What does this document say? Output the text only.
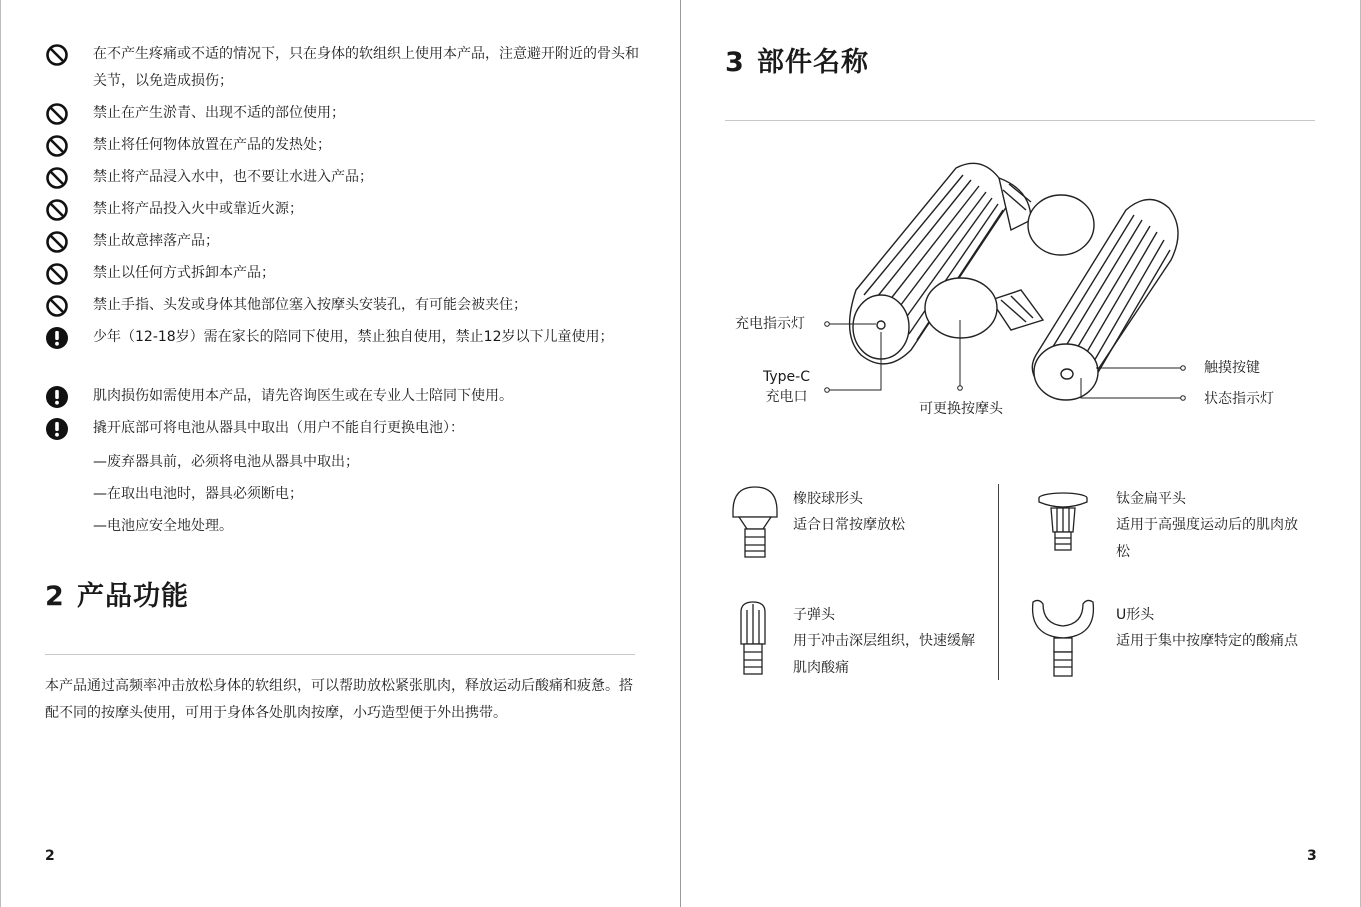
在不产生疼痛或不适的情况下，只在身体的软组织上使用本产品，注意避开附近的骨头和关节，以免造成损伤；
禁止在产生淤青、出现不适的部位使用；
禁止将任何物体放置在产品的发热处；
禁止将产品浸入水中，也不要让水进入产品；
禁止将产品投入火中或靠近火源；
禁止故意摔落产品；
禁止以任何方式拆卸本产品；
禁止手指、头发或身体其他部位塞入按摩头安装孔，有可能会被夹住；
少年（12-18岁）需在家长的陪同下使用，禁止独自使用，禁止12岁以下儿童使用；
肌肉损伤如需使用本产品，请先咨询医生或在专业人士陪同下使用。
撬开底部可将电池从器具中取出（用户不能自行更换电池）：
—废弃器具前，必须将电池从器具中取出；
—在取出电池时，器具必须断电；
—电池应安全地处理。
2 产品功能
本产品通过高频率冲击放松身体的软组织，可以帮助放松紧张肌肉，释放运动后酸痛和疲惫。搭配不同的按摩头使用，可用于身体各处肌肉按摩，小巧造型便于外出携带。
2
3 部件名称
充电指示灯
Type-C
充电口
可更换按摩头
触摸按键
状态指示灯
橡胶球形头
适合日常按摩放松
钛金扁平头
适用于高强度运动后的肌肉放松
子弹头
用于冲击深层组织，快速缓解肌肉酸痛
U形头
适用于集中按摩特定的酸痛点
3
